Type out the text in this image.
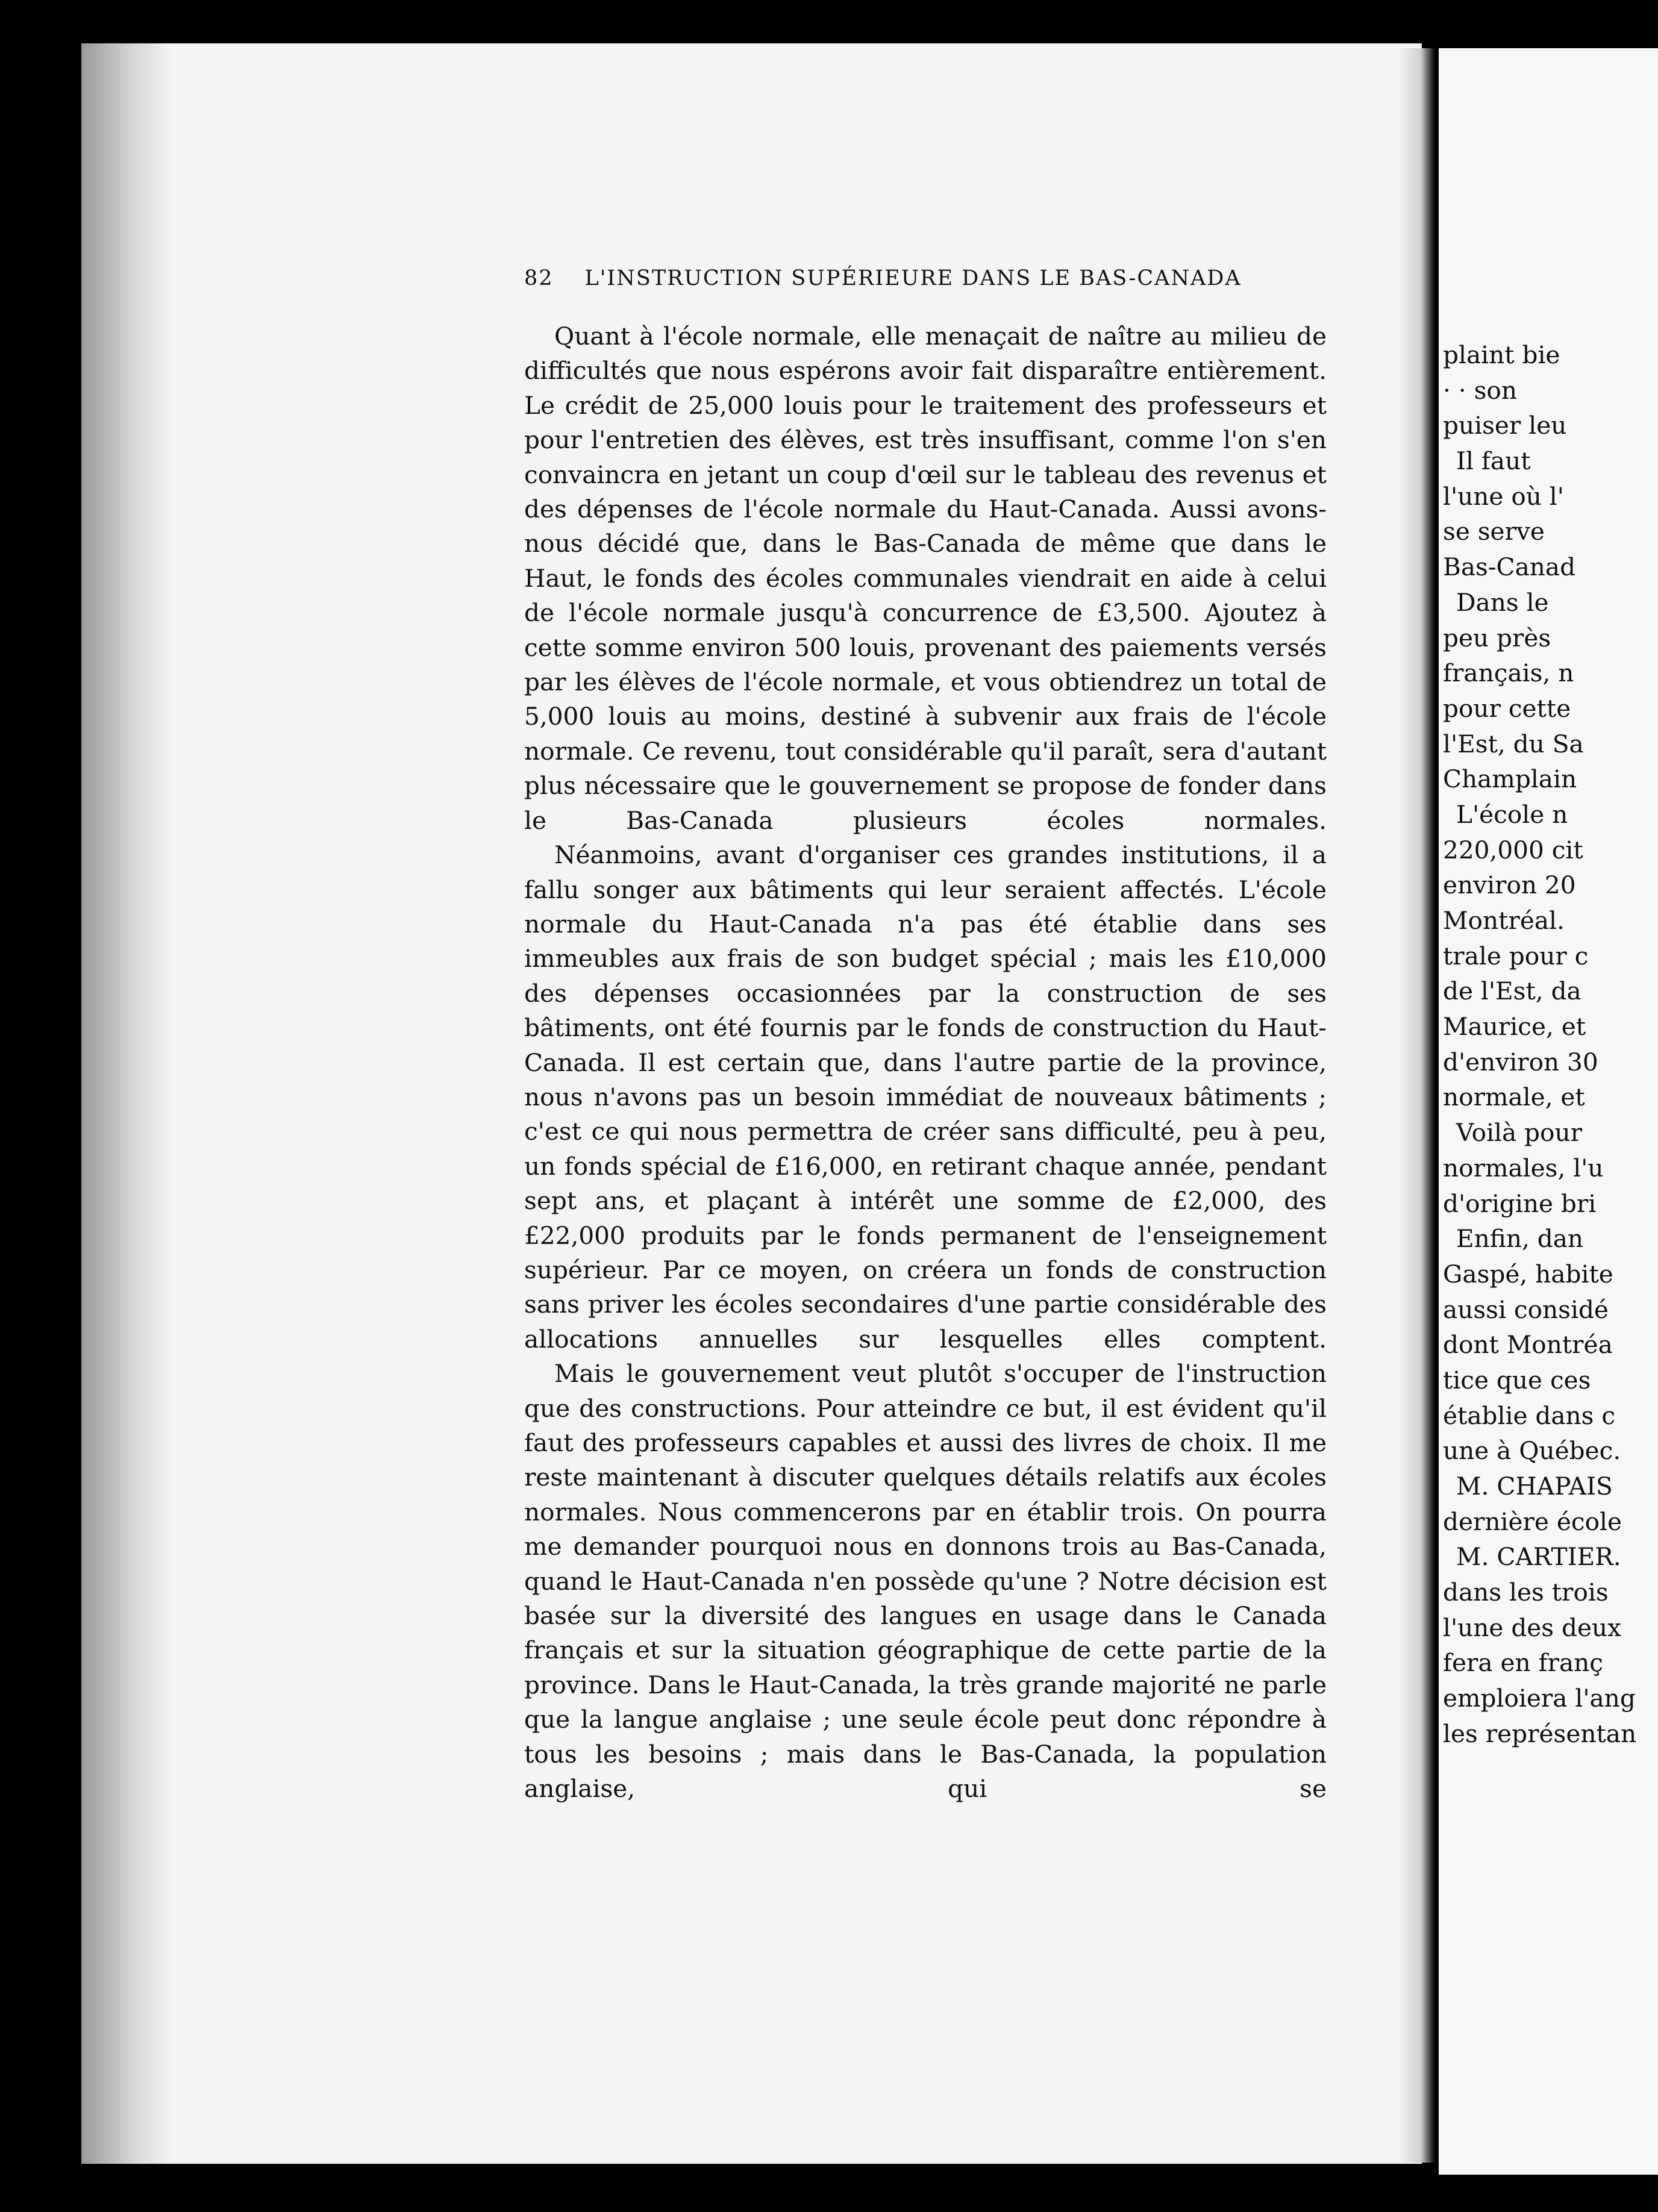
82 L'INSTRUCTION SUPÉRIEURE DANS LE BAS-CANADA

Quant à l'école normale, elle menaçait de naître au milieu de difficultés que nous espérons avoir fait disparaître entièrement. Le crédit de 25,000 louis pour le traitement des professeurs et pour l'entretien des élèves, est très insuffisant, comme l'on s'en convaincra en jetant un coup d'œil sur le tableau des revenus et des dépenses de l'école normale du Haut-Canada. Aussi avons-nous décidé que, dans le Bas-Canada de même que dans le Haut, le fonds des écoles communales viendrait en aide à celui de l'école normale jusqu'à concurrence de £3,500. Ajoutez à cette somme environ 500 louis, provenant des paiements versés par les élèves de l'école normale, et vous obtiendrez un total de 5,000 louis au moins, destiné à subvenir aux frais de l'école normale. Ce revenu, tout considérable qu'il paraît, sera d'autant plus nécessaire que le gouvernement se propose de fonder dans le Bas-Canada plusieurs écoles normales.

Néanmoins, avant d'organiser ces grandes institutions, il a fallu songer aux bâtiments qui leur seraient affectés. L'école normale du Haut-Canada n'a pas été établie dans ses immeubles aux frais de son budget spécial ; mais les £10,000 des dépenses occasionnées par la construction de ses bâtiments, ont été fournis par le fonds de construction du Haut-Canada. Il est certain que, dans l'autre partie de la province, nous n'avons pas un besoin immédiat de nouveaux bâtiments ; c'est ce qui nous permettra de créer sans difficulté, peu à peu, un fonds spécial de £16,000, en retirant chaque année, pendant sept ans, et plaçant à intérêt une somme de £2,000, des £22,000 produits par le fonds permanent de l'enseignement supérieur. Par ce moyen, on créera un fonds de construction sans priver les écoles secondaires d'une partie considérable des allocations annuelles sur lesquelles elles comptent.

Mais le gouvernement veut plutôt s'occuper de l'instruction que des constructions. Pour atteindre ce but, il est évident qu'il faut des professeurs capables et aussi des livres de choix. Il me reste maintenant à discuter quelques détails relatifs aux écoles normales. Nous commencerons par en établir trois. On pourra me demander pourquoi nous en donnons trois au Bas-Canada, quand le Haut-Canada n'en possède qu'une ? Notre décision est basée sur la diversité des langues en usage dans le Canada français et sur la situation géographique de cette partie de la province. Dans le Haut-Canada, la très grande majorité ne parle que la langue anglaise ; une seule école peut donc répondre à tous les besoins ; mais dans le Bas-Canada, la population anglaise, qui se

plaint bie
· · son
puiser leu
Il faut
l'une où l'
se serve
Bas-Canad
Dans le
peu près
français, n
pour cette
l'Est, du Sa
Champlain
L'école n
220,000 cit
environ 20
Montréal.
trale pour c
de l'Est, da
Maurice, et
d'environ 30
normale, et
Voilà pour
normales, l'u
d'origine bri
Enfin, dan
Gaspé, habite
aussi considé
dont Montréa
tice que ces
établie dans c
une à Québec.
M. CHAPAIS
dernière école
M. CARTIER.
dans les trois
l'une des deux
fera en franç
emploiera l'ang
les représentan
